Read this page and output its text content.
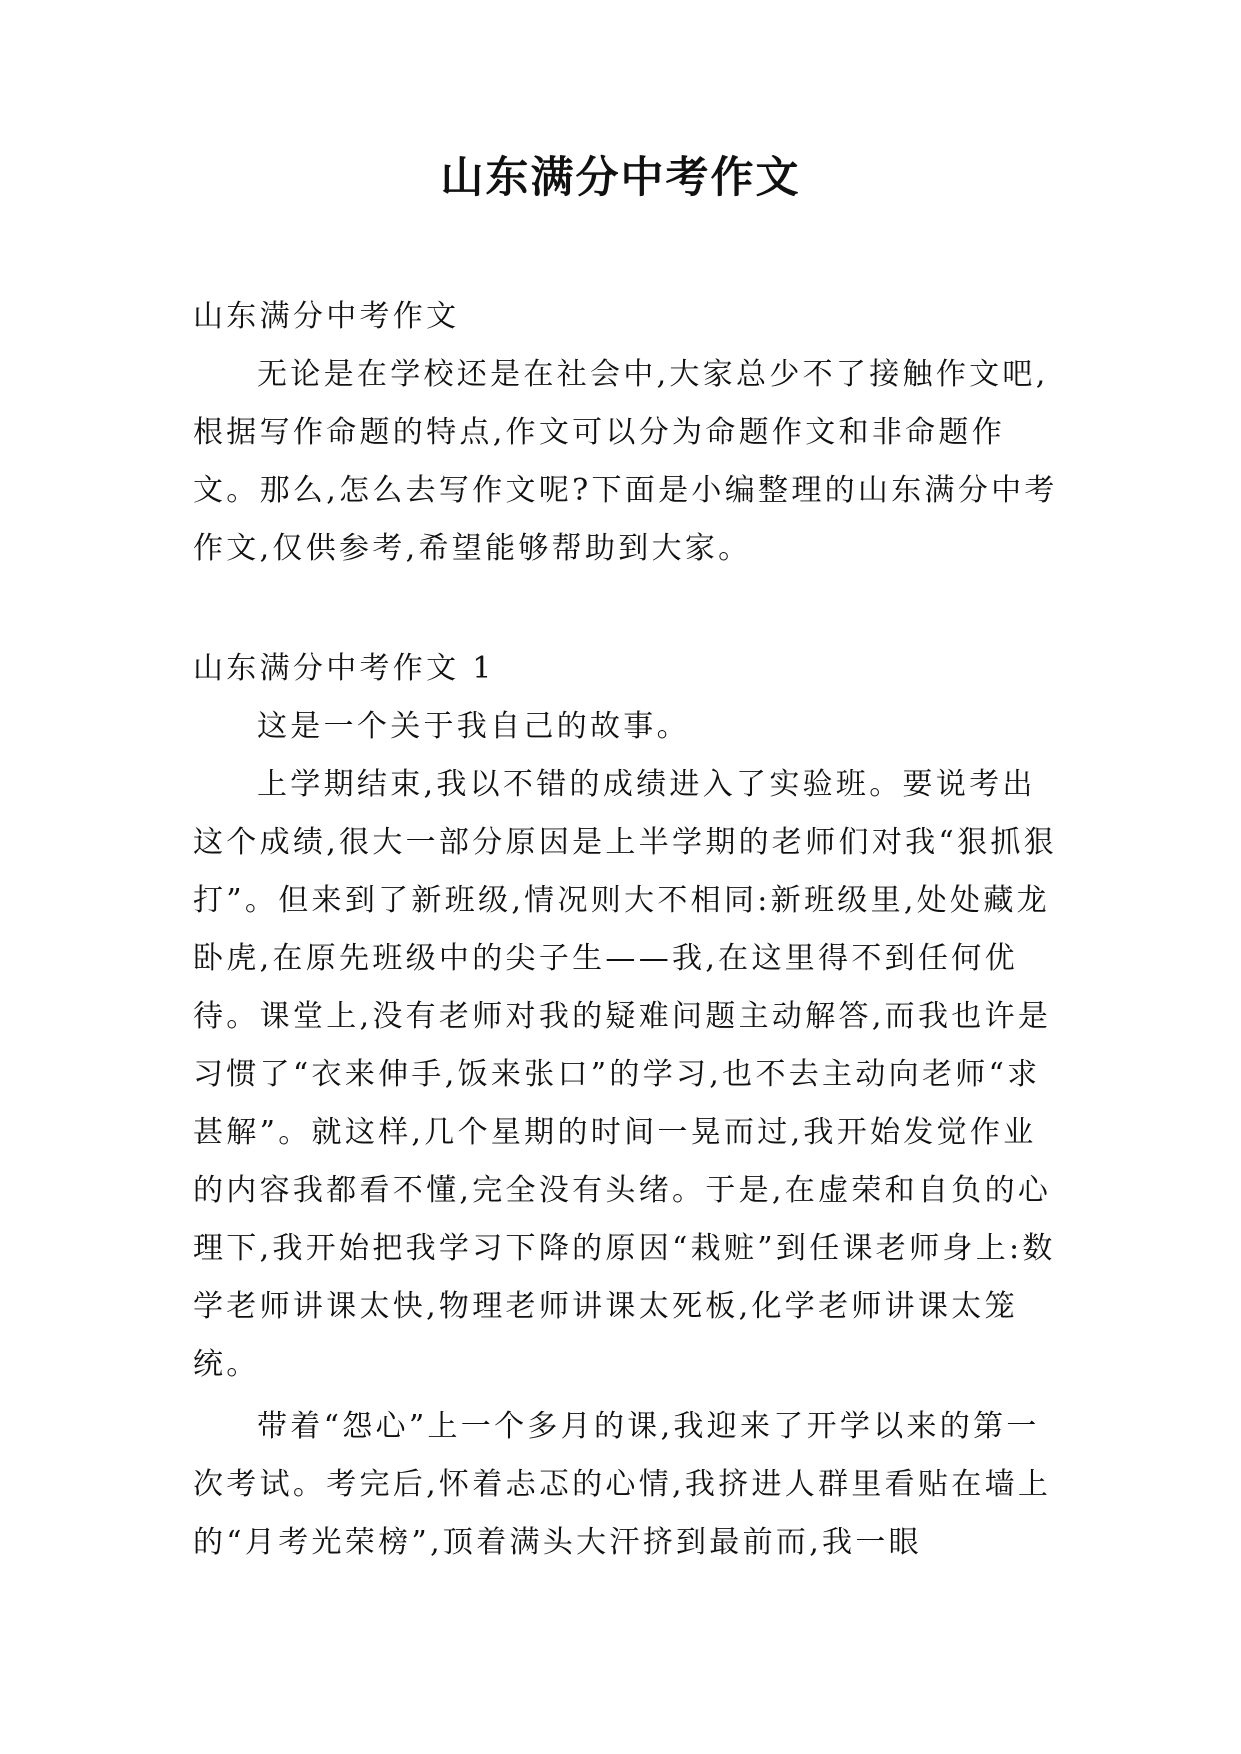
山东满分中考作文

山东满分中考作文

无论是在学校还是在社会中,大家总少不了接触作文吧,根据写作命题的特点,作文可以分为命题作文和非命题作文。那么,怎么去写作文呢?下面是小编整理的山东满分中考作文,仅供参考,希望能够帮助到大家。

山东满分中考作文 1

这是一个关于我自己的故事。

上学期结束,我以不错的成绩进入了实验班。要说考出这个成绩,很大一部分原因是上半学期的老师们对我“狠抓狠打”。但来到了新班级,情况则大不相同:新班级里,处处藏龙卧虎,在原先班级中的尖子生——我,在这里得不到任何优待。课堂上,没有老师对我的疑难问题主动解答,而我也许是习惯了“衣来伸手,饭来张口”的学习,也不去主动向老师“求甚解”。就这样,几个星期的时间一晃而过,我开始发觉作业的内容我都看不懂,完全没有头绪。于是,在虚荣和自负的心理下,我开始把我学习下降的原因“栽赃”到任课老师身上:数学老师讲课太快,物理老师讲课太死板,化学老师讲课太笼统。

带着“怨心”上一个多月的课,我迎来了开学以来的第一次考试。考完后,怀着忐忑的心情,我挤进人群里看贴在墙上的“月考光荣榜”,顶着满头大汗挤到最前而,我一眼
